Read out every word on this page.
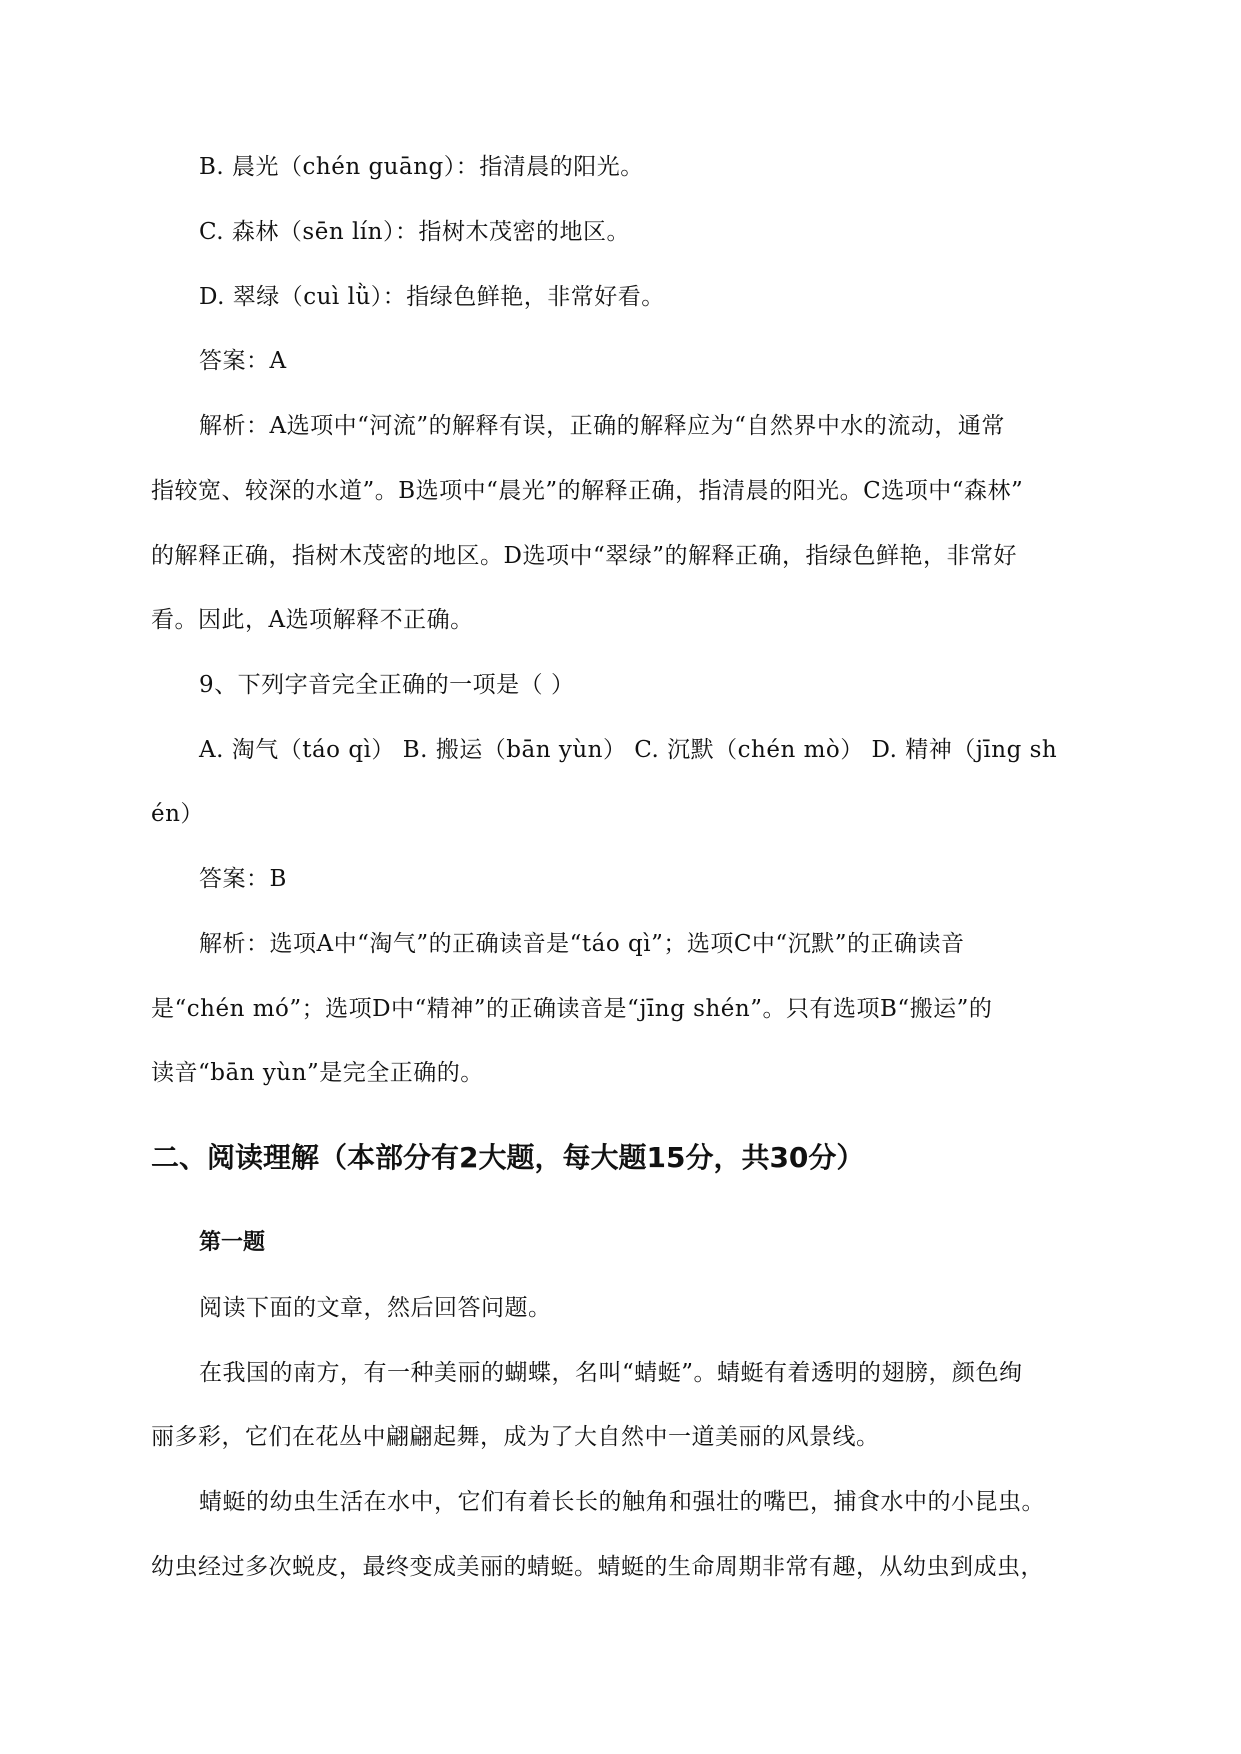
B. 晨光（chén guāng）：指清晨的阳光。
C. 森林（sēn lín）：指树木茂密的地区。
D. 翠绿（cuì lǜ）：指绿色鲜艳，非常好看。
答案：A
解析：A选项中“河流”的解释有误，正确的解释应为“自然界中水的流动，通常
指较宽、较深的水道”。B选项中“晨光”的解释正确，指清晨的阳光。C选项中“森林”
的解释正确，指树木茂密的地区。D选项中“翠绿”的解释正确，指绿色鲜艳，非常好
看。因此，A选项解释不正确。
9、下列字音完全正确的一项是（ ）
A. 淘气（táo qì） B. 搬运（bān yùn） C. 沉默（chén mò） D. 精神（jīng sh
én）
答案：B
解析：选项A中“淘气”的正确读音是“táo qì”；选项C中“沉默”的正确读音
是“chén mó”；选项D中“精神”的正确读音是“jīng shén”。只有选项B“搬运”的
读音“bān yùn”是完全正确的。
二、阅读理解（本部分有2大题，每大题15分，共30分）
第一题
阅读下面的文章，然后回答问题。
在我国的南方，有一种美丽的蝴蝶，名叫“蜻蜓”。蜻蜓有着透明的翅膀，颜色绚
丽多彩，它们在花丛中翩翩起舞，成为了大自然中一道美丽的风景线。
蜻蜓的幼虫生活在水中，它们有着长长的触角和强壮的嘴巴，捕食水中的小昆虫。
幼虫经过多次蜕皮，最终变成美丽的蜻蜓。蜻蜓的生命周期非常有趣，从幼虫到成虫，
